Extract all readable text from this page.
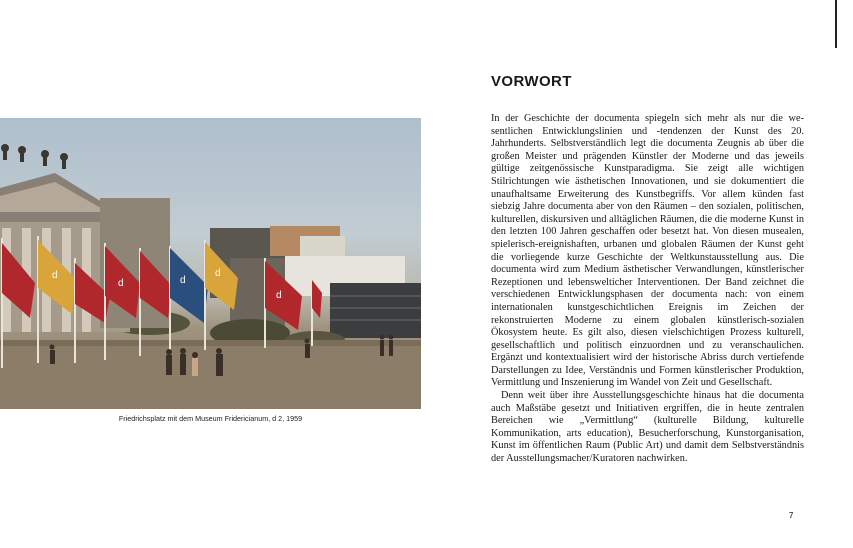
d
d	d
d
d
Friedrichsplatz mit dem Museum Fridericianum, d 2, 1959
VORWORT

In der Geschichte der documenta spiegeln sich mehr als nur die wesentlichen Entwicklungslinien und -tendenzen der Kunst des 20. Jahrhunderts. Selbstverständlich legt die documenta Zeugnis ab über die großen Meister und prägenden Künstler der Moderne und das jeweils gültige zeitgenössische Kunstparadigma. Sie zeigt alle wichtigen Stilrichtungen wie ästhetischen Innovationen, und sie dokumentiert die unaufhaltsame Erweiterung des Kunstbegriffs. Vor allem künden fast siebzig Jahre documenta aber von den Räumen – den sozialen, politischen, kulturellen, diskursiven und alltäglichen Räumen, die die moderne Kunst in den letzten 100 Jahren geschaffen oder besetzt hat. Von diesen musealen, spielerisch-ereignishaften, urbanen und globalen Räumen der Kunst geht die vorliegende kurze Geschichte der Weltkunstausstellung aus. Die documenta wird zum Medium ästhetischer Verwandlungen, künstlerischer Rezeptionen und lebenswelticher Interventionen. Der Band zeichnet die verschiedenen Entwicklungsphasen der documenta nach: von einem internationalen kunstgeschichtlichen Ereignis im Zeichen der rekonstruierten Moderne zu einem globalen künstlerisch-sozialen Ökosystem heute. Es gilt also, diesen vielschichtigen Prozess kulturell, gesellschaftlich und politisch einzuordnen und zu veranschaulichen. Ergänzt und kontextualisiert wird der historische Abriss durch vertiefende Darstellungen zu Idee, Verständnis und Formen künstlerischer Produktion, Vermittlung und Inszenierung im Wandel von Zeit und Gesellschaft.

Denn weit über ihre Ausstellungsgeschichte hinaus hat die documenta auch Maßstäbe gesetzt und Initiativen ergriffen, die in heute zentralen Bereichen wie „Vermittlung“ (kulturelle Bildung, kulturelle Kommunikation, arts education), Besucherforschung, Kunstorganisation, Kunst im öffentlichen Raum (Public Art) und damit dem Selbstverständnis der Ausstellungsmacher/Kuratoren nachwirken.

7
